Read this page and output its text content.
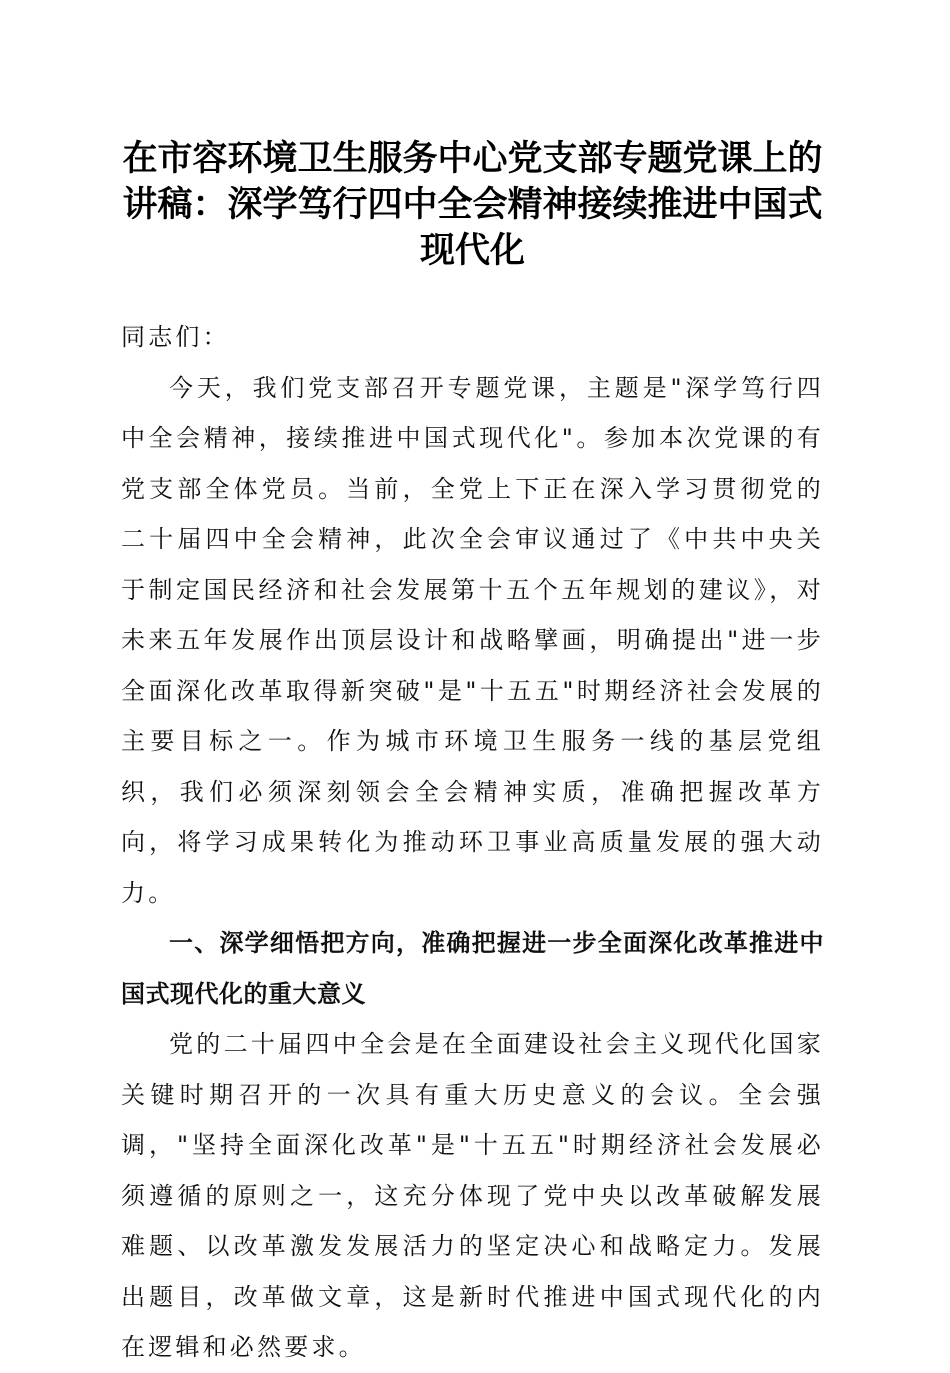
在市容环境卫生服务中心党支部专题党课上的讲稿：深学笃行四中全会精神接续推进中国式现代化

同志们：

今天，我们党支部召开专题党课，主题是"深学笃行四中全会精神，接续推进中国式现代化"。参加本次党课的有党支部全体党员。当前，全党上下正在深入学习贯彻党的二十届四中全会精神，此次全会审议通过了《中共中央关于制定国民经济和社会发展第十五个五年规划的建议》，对未来五年发展作出顶层设计和战略擘画，明确提出"进一步全面深化改革取得新突破"是"十五五"时期经济社会发展的主要目标之一。作为城市环境卫生服务一线的基层党组织，我们必须深刻领会全会精神实质，准确把握改革方向，将学习成果转化为推动环卫事业高质量发展的强大动力。

一、深学细悟把方向，准确把握进一步全面深化改革推进中国式现代化的重大意义

党的二十届四中全会是在全面建设社会主义现代化国家关键时期召开的一次具有重大历史意义的会议。全会强调，"坚持全面深化改革"是"十五五"时期经济社会发展必须遵循的原则之一，这充分体现了党中央以改革破解发展难题、以改革激发发展活力的坚定决心和战略定力。发展出题目，改革做文章，这是新时代推进中国式现代化的内在逻辑和必然要求。
